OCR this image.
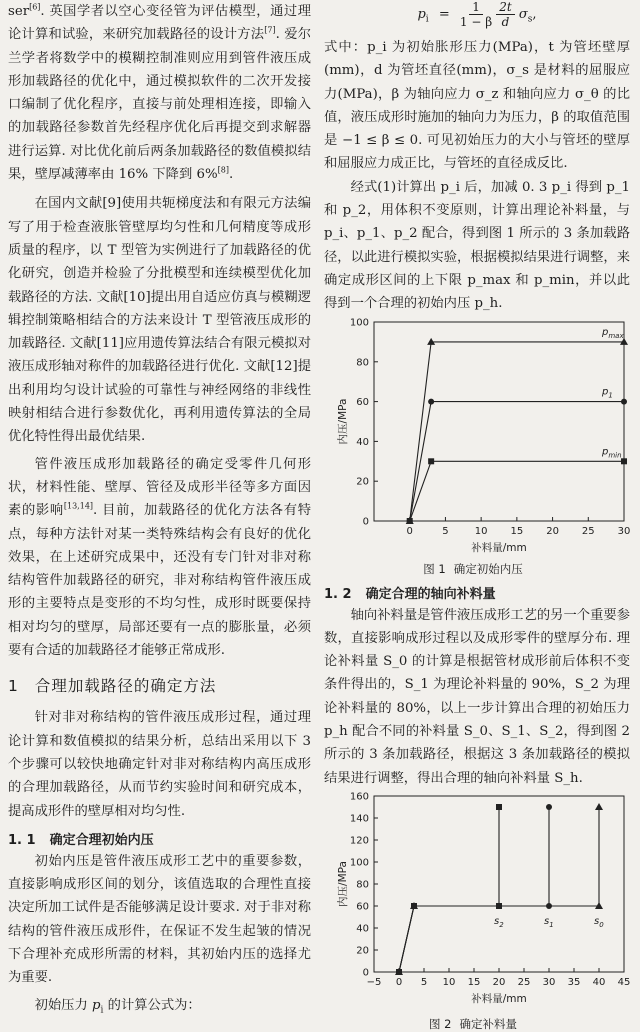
ser[6]. 英国学者以空心变径管为评估模型，通过理论计算和试验，来研究加载路径的设计方法[7]. 爱尔兰学者将数学中的模糊控制准则应用到管件液压成形加载路径的优化中，通过模拟软件的二次开发接口编制了优化程序，直接与前处理相连接，即输入的加载路径参数首先经程序优化后再提交到求解器进行运算. 对比优化前后两条加载路径的数值模拟结果，壁厚减薄率由 16% 下降到 6%[8].

在国内文献[9]使用共轭梯度法和有限元方法编写了用于检查液胀管壁厚均匀性和几何精度等成形质量的程序，以 T 型管为实例进行了加载路径的优化研究，创造并检验了分批模型和连续模型优化加载路径的方法. 文献[10]提出用自适应仿真与模糊逻辑控制策略相结合的方法来设计 T 型管液压成形的加载路径. 文献[11]应用遗传算法结合有限元模拟对液压成形轴对称件的加载路径进行优化. 文献[12]提出利用均匀设计试验的可靠性与神经网络的非线性映射相结合进行参数优化，再利用遗传算法的全局优化特性得出最优结果.

管件液压成形加载路径的确定受零件几何形状，材料性能、壁厚、管径及成形半径等多方面因素的影响[13,14]. 目前，加载路径的优化方法各有特点，每种方法针对某一类特殊结构会有良好的优化效果，在上述研究成果中，还没有专门针对非对称结构管件加载路径的研究，非对称结构管件液压成形的主要特点是变形的不均匀性，成形时既要保持相对均匀的壁厚，局部还要有一点的膨胀量，必须要有合适的加载路径才能够正常成形.

1 合理加载路径的确定方法

针对非对称结构的管件液压成形过程，通过理论计算和数值模拟的结果分析，总结出采用以下 3 个步骤可以较快地确定针对非对称结构内高压成形的合理加载路径，从而节约实验时间和研究成本，提高成形件的壁厚相对均匀性.

1. 1 确定合理初始内压

初始内压是管件液压成形工艺中的重要参数，直接影响成形区间的划分，该值选取的合理性直接决定所加工试件是否能够满足设计要求. 对于非对称结构的管件液压成形件，在保证不发生起皱的情况下合理补充成形所需的材料，其初始内压的选择尤为重要.

初始压力 $p_i$ 的计算公式为：

$p_i = \frac{1}{1 - \beta}$
$\frac{2t}{d} \sigma_s$,

式中：p_i 为初始胀形压力(MPa)，t 为管坯壁厚(mm)，d 为管坯直径(mm)，σ_s 是材料的屈服应力(MPa)，β 为轴向应力 σ_z 和轴向应力 σ_θ 的比值，液压成形时施加的轴向力为压力，β 的取值范围是 −1 ≤ β ≤ 0. 可见初始压力的大小与管坯的壁厚和屈服应力成正比，与管坯的直径成反比.

经式(1)计算出 p_i 后，加减 0. 3 p_i 得到 p_1 和 p_2，用体积不变原则，计算出理论补料量，与 p_i、p_1、p_2 配合，得到图 1 所示的 3 条加载路径，以此进行模拟实验，根据模拟结果进行调整，来确定成形区间的上下限 p_max 和 p_min，并以此得到一个合理的初始内压 p_h.

0	5	10 15 20 25 30
0
20
40
60
80
100
补料量/mm
内压/MPa
$p_{max}$
$p_1$
$p_{min}$

图 1 确定初始内压

1. 2 确定合理的轴向补料量

轴向补料量是管件液压成形工艺的另一个重要参数，直接影响成形过程以及成形零件的壁厚分布. 理论补料量 S_0 的计算是根据管材成形前后体积不变条件得出的，S_1 为理论补料量的 90%，S_2 为理论补料量的 80%，以上一步计算出合理的初始压力 p_h 配合不同的补料量 S_0、S_1、S_2，得到图 2 所示的 3 条加载路径，根据这 3 条加载路径的模拟结果进行调整，得出合理的轴向补料量 S_h.

−5 0 5 10 15 20 25 30 35 40 45
0
20
40
60
80
100
120
140
160
补料量/mm
内压/MPa
$s_2$	$s_1$	$s_0$

图 2 确定补料量
